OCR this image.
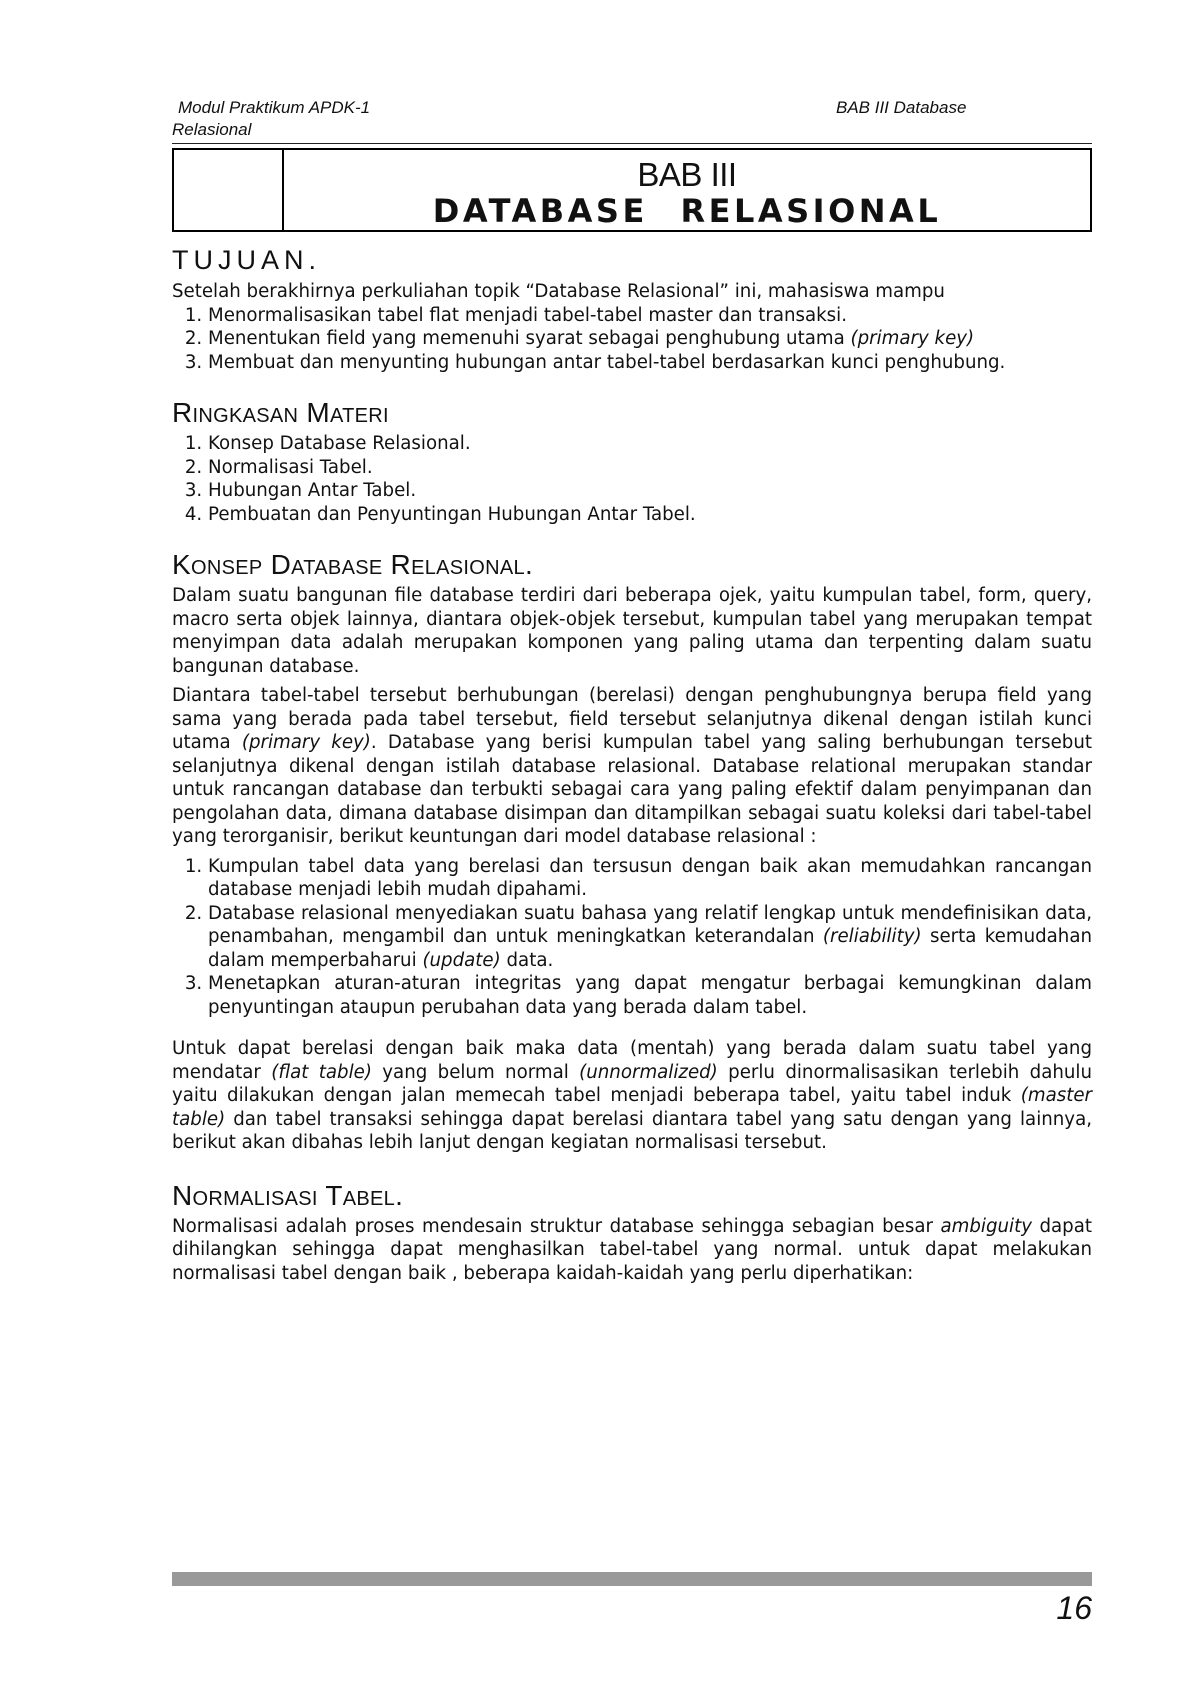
Modul Praktikum APDK-1
Relasional
BAB III Database
BAB III
DATABASE RELASIONAL
TUJUAN.

Setelah berakhirnya perkuliahan topik “Database Relasional” ini, mahasiswa mampu

1. Menormalisasikan tabel flat menjadi tabel-tabel master dan transaksi.
2. Menentukan field yang memenuhi syarat sebagai penghubung utama (primary key)
3. Membuat dan menyunting hubungan antar tabel-tabel berdasarkan kunci penghubung.
Ringkasan Materi
1. Konsep Database Relasional.
2. Normalisasi Tabel.
3. Hubungan Antar Tabel.
4. Pembuatan dan Penyuntingan Hubungan Antar Tabel.
Konsep Database Relasional.

Dalam suatu bangunan file database terdiri dari beberapa ojek, yaitu kumpulan tabel, form, query, macro serta objek lainnya, diantara objek-objek tersebut, kumpulan tabel yang merupakan tempat menyimpan data adalah merupakan komponen yang paling utama dan terpenting dalam suatu bangunan database.

Diantara tabel-tabel tersebut berhubungan (berelasi) dengan penghubungnya berupa field yang sama yang berada pada tabel tersebut, field tersebut selanjutnya dikenal dengan istilah kunci utama (primary key). Database yang berisi kumpulan tabel yang saling berhubungan tersebut selanjutnya dikenal dengan istilah database relasional. Database relational merupakan standar untuk rancangan database dan terbukti sebagai cara yang paling efektif dalam penyimpanan dan pengolahan data, dimana database disimpan dan ditampilkan sebagai suatu koleksi dari tabel-tabel yang terorganisir, berikut keuntungan dari model database relasional :

1. Kumpulan tabel data yang berelasi dan tersusun dengan baik akan memudahkan rancangan database menjadi lebih mudah dipahami.
2. Database relasional menyediakan suatu bahasa yang relatif lengkap untuk mendefinisikan data, penambahan, mengambil dan untuk meningkatkan keterandalan (reliability) serta kemudahan dalam memperbaharui (update) data.
3. Menetapkan aturan-aturan integritas yang dapat mengatur berbagai kemungkinan dalam penyuntingan ataupun perubahan data yang berada dalam tabel.

Untuk dapat berelasi dengan baik maka data (mentah) yang berada dalam suatu tabel yang mendatar (flat table) yang belum normal (unnormalized) perlu dinormalisasikan terlebih dahulu yaitu dilakukan dengan jalan memecah tabel menjadi beberapa tabel, yaitu tabel induk (master table) dan tabel transaksi sehingga dapat berelasi diantara tabel yang satu dengan yang lainnya, berikut akan dibahas lebih lanjut dengan kegiatan normalisasi tersebut.

Normalisasi Tabel.

Normalisasi adalah proses mendesain struktur database sehingga sebagian besar ambiguity dapat dihilangkan sehingga dapat menghasilkan tabel-tabel yang normal. untuk dapat melakukan normalisasi tabel dengan baik , beberapa kaidah-kaidah yang perlu diperhatikan:

16
